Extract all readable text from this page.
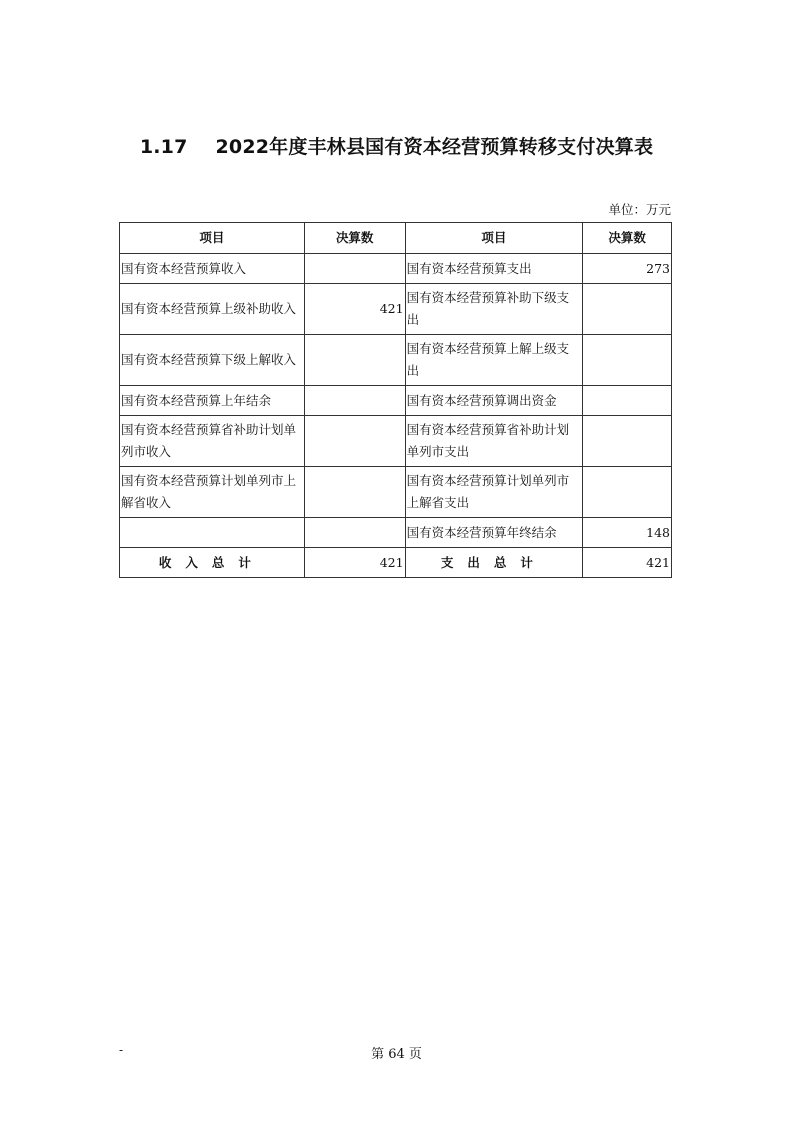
1.17 2022年度丰林县国有资本经营预算转移支付决算表
单位：万元
项目	决算数	项目	决算数
国有资本经营预算收入		国有资本经营预算支出	273
国有资本经营预算上级补助收入	421	国有资本经营预算补助下级支出	
国有资本经营预算下级上解收入		国有资本经营预算上解上级支出	
国有资本经营预算上年结余		国有资本经营预算调出资金	
国有资本经营预算省补助计划单列市收入		国有资本经营预算省补助计划单列市支出	
国有资本经营预算计划单列市上解省收入		国有资本经营预算计划单列市上解省支出	
		国有资本经营预算年终结余	148
收入总计	421	支出总计	421
-	第 64 页
